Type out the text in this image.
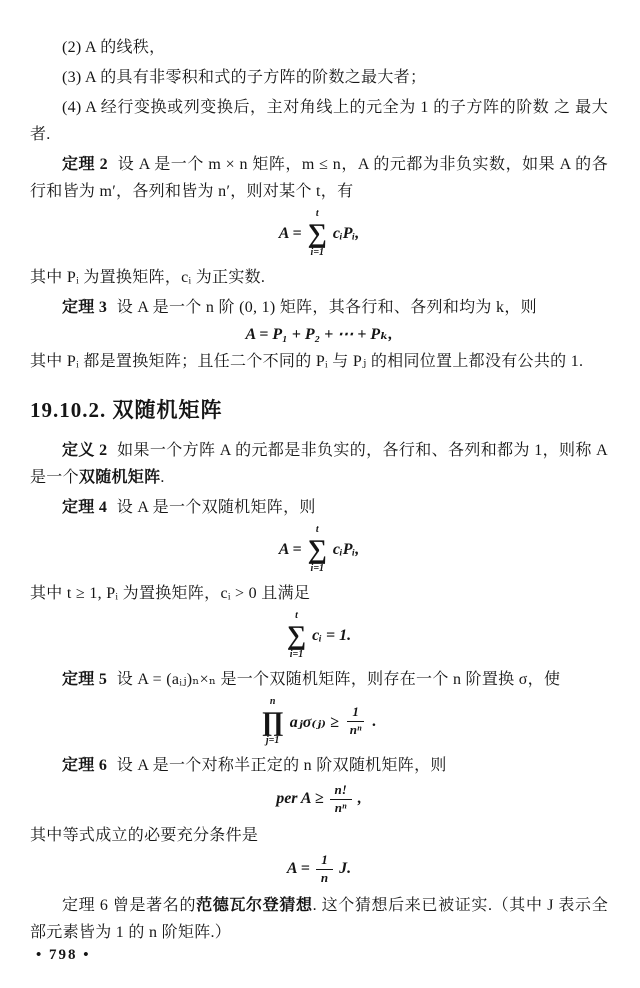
(2) A 的线秩，

(3) A 的具有非零积和式的子方阵的阶数之最大者；

(4) A 经行变换或列变换后，主对角线上的元全为 1 的子方阵的阶数 之 最大者.

定理 2 设 A 是一个 m × n 矩阵，m ≤ n，A 的元都为非负实数，如果 A 的各行和皆为 m′，各列和皆为 n′，则对某个 t，有

A =
t
∑
i=1
cᵢPᵢ,

其中 Pᵢ 为置换矩阵，cᵢ 为正实数.

定理 3 设 A 是一个 n 阶 (0, 1) 矩阵，其各行和、各列和均为 k，则

A = P₁ + P₂ + ⋯ + Pₖ,

其中 Pᵢ 都是置换矩阵；且任二个不同的 Pᵢ 与 Pⱼ 的相同位置上都没有公共的 1.

19.10.2. 双随机矩阵

定义 2 如果一个方阵 A 的元都是非负实的，各行和、各列和都为 1，则称 A 是一个双随机矩阵.

定理 4 设 A 是一个双随机矩阵，则

A =
t
∑
i=1
cᵢPᵢ,

其中 t ≥ 1, Pᵢ 为置换矩阵，cᵢ > 0 且满足

t
∑
i=1
cᵢ = 1.

定理 5 设 A = (aᵢⱼ)ₙ×ₙ 是一个双随机矩阵，则存在一个 n 阶置换 σ，使

n
∏
j=1
aⱼσ₍ⱼ₎ ≥ $\frac{1}{\text{nⁿ}}$ .

定理 6 设 A 是一个对称半正定的 n 阶双随机矩阵，则

per $A \ge \frac{n!}{\text{nⁿ}}$ ,

其中等式成立的必要充分条件是

$A = \frac{1}{n} J$.

定理 6 曾是著名的范德瓦尔登猜想. 这个猜想后来已被证实.（其中 J 表示全部元素皆为 1 的 n 阶矩阵.）

• 798 •
